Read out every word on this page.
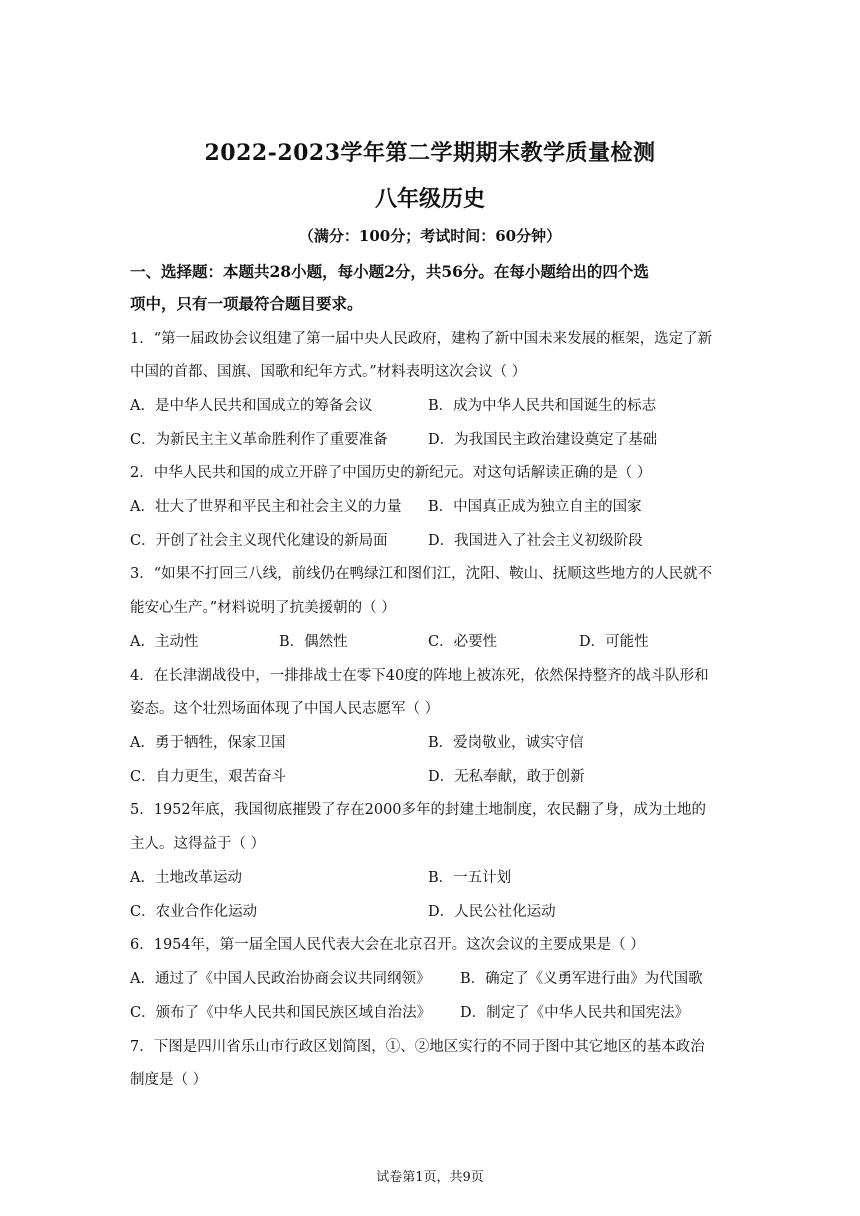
2022-2023学年第二学期期末教学质量检测
八年级历史
（满分：100分；考试时间：60分钟）
一、选择题：本题共28小题，每小题2分，共56分。在每小题给出的四个选
项中，只有一项最符合题目要求。
1．“第一届政协会议组建了第一届中央人民政府，建构了新中国未来发展的框架，选定了新
中国的首都、国旗、国歌和纪年方式。”材料表明这次会议（ ）
A．是中华人民共和国成立的筹备会议	B．成为中华人民共和国诞生的标志
C．为新民主主义革命胜利作了重要准备	D．为我国民主政治建设奠定了基础
2．中华人民共和国的成立开辟了中国历史的新纪元。对这句话解读正确的是（ ）
A．壮大了世界和平民主和社会主义的力量 B．中国真正成为独立自主的国家
C．开创了社会主义现代化建设的新局面	D．我国进入了社会主义初级阶段
3．“如果不打回三八线，前线仍在鸭绿江和图们江，沈阳、鞍山、抚顺这些地方的人民就不
能安心生产。”材料说明了抗美援朝的（ ）
A．主动性	B．偶然性	C．必要性	D．可能性
4．在长津湖战役中，一排排战士在零下40度的阵地上被冻死，依然保持整齐的战斗队形和
姿态。这个壮烈场面体现了中国人民志愿军（ ）
A．勇于牺牲，保家卫国	B．爱岗敬业，诚实守信
C．自力更生，艰苦奋斗	D．无私奉献，敢于创新
5．1952年底，我国彻底摧毁了存在2000多年的封建土地制度，农民翻了身，成为土地的
主人。这得益于（ ）
A．土地改革运动	B．一五计划
C．农业合作化运动	D．人民公社化运动
6．1954年，第一届全国人民代表大会在北京召开。这次会议的主要成果是（ ）
A．通过了《中国人民政治协商会议共同纲领》 B．确定了《义勇军进行曲》为代国歌
C．颁布了《中华人民共和国民族区域自治法》 D．制定了《中华人民共和国宪法》
7．下图是四川省乐山市行政区划简图，①、②地区实行的不同于图中其它地区的基本政治
制度是（ ）
试卷第1页，共9页
